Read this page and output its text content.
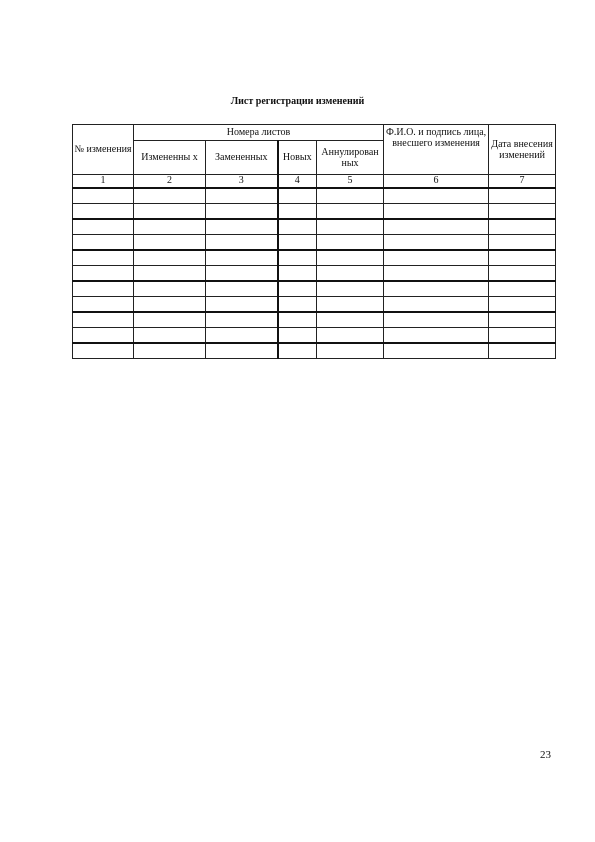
Лист регистрации изменений
№ изменения	Номера листов				Ф.И.О. и подпись лица, внесшего изменения	Дата внесения изменений
	Измененны х	Замененных	Новых	Аннулирован ных		
1	2	3	4	5	6	7

23
